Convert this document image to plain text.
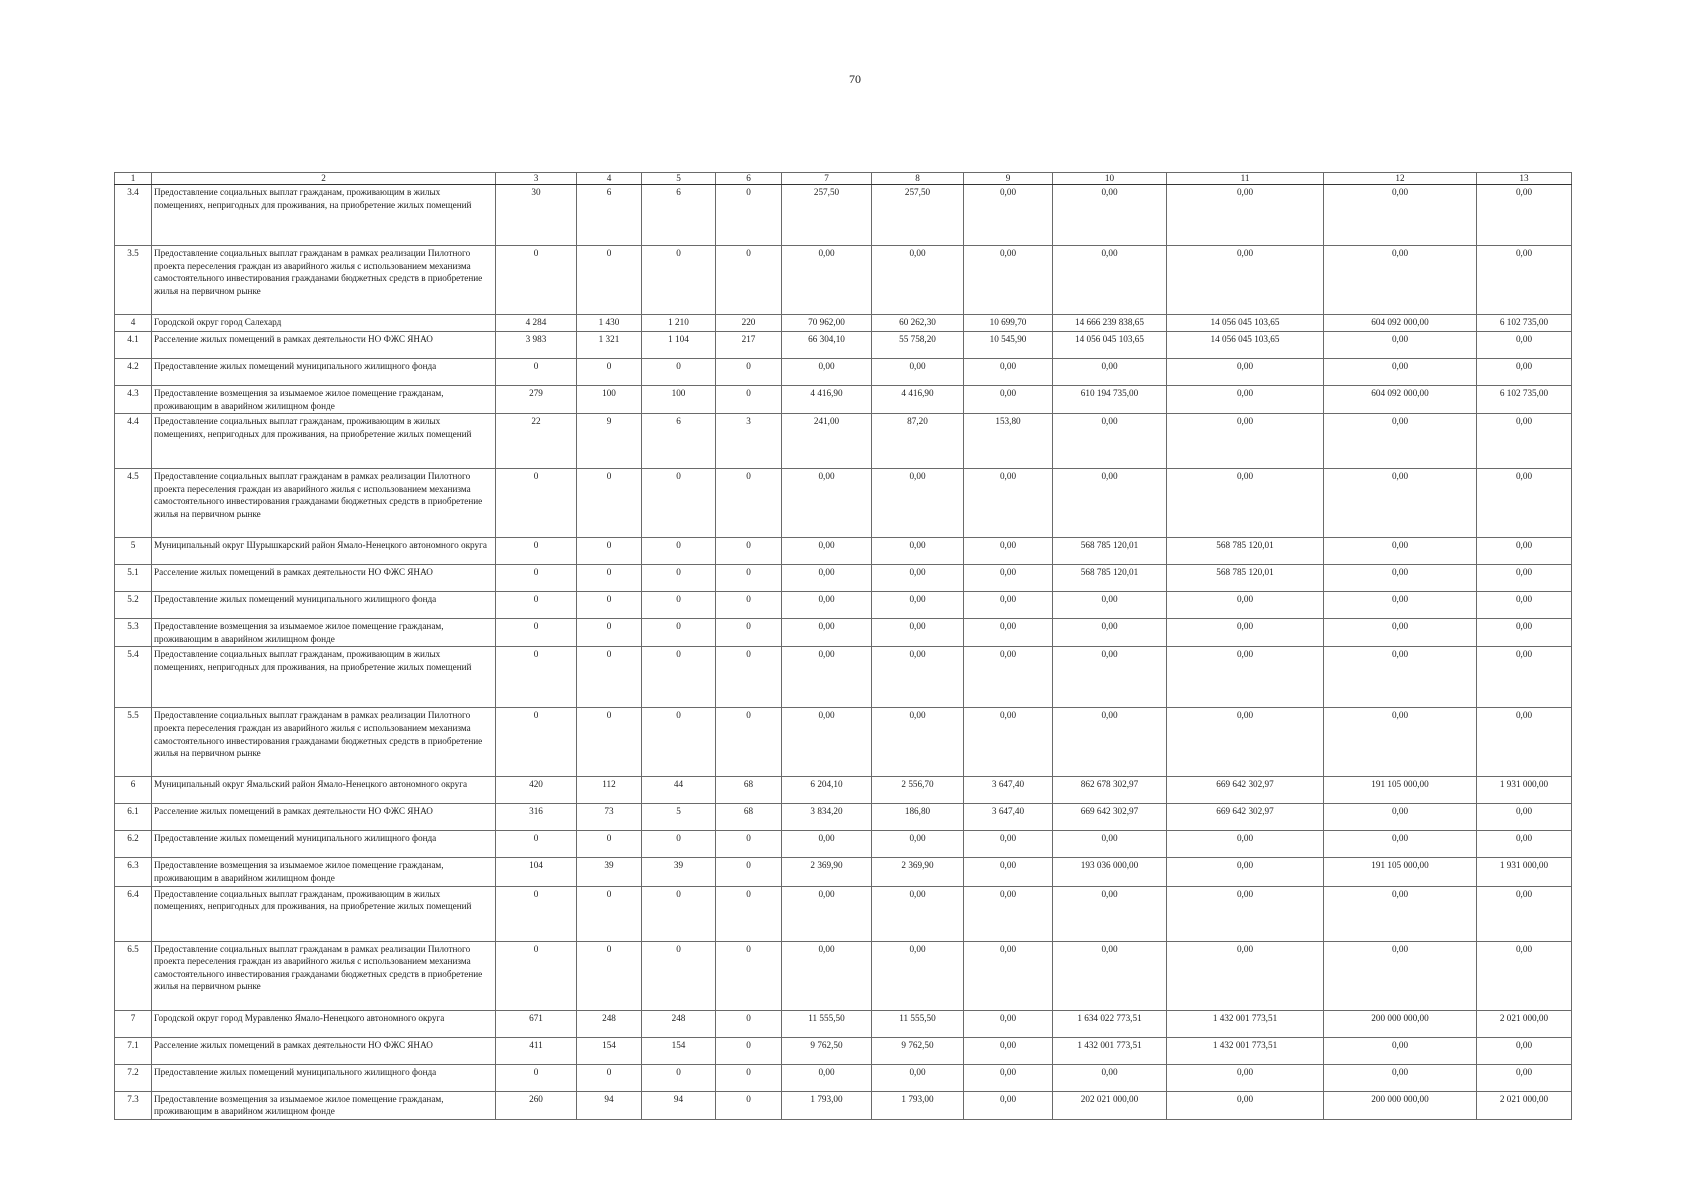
70
1	2	3	4	5	6	7	8	9	10	11	12	13
3.4	Предоставление социальных выплат гражданам, проживающим в жилых помещениях, непригодных для проживания, на приобретение жилых помещений	30	6	6	0	257,50	257,50	0,00	0,00	0,00	0,00	0,00
3.5	Предоставление социальных выплат гражданам в рамках реализации Пилотного проекта переселения граждан из аварийного жилья с использованием механизма самостоятельного инвестирования гражданами бюджетных средств в приобретение жилья на первичном рынке	0	0	0	0	0,00	0,00	0,00	0,00	0,00	0,00	0,00
4	Городской округ город Салехард	4 284	1 430	1 210	220	70 962,00	60 262,30	10 699,70	14 666 239 838,65	14 056 045 103,65	604 092 000,00	6 102 735,00
4.1	Расселение жилых помещений в рамках деятельности НО ФЖС ЯНАО	3 983	1 321	1 104	217	66 304,10	55 758,20	10 545,90	14 056 045 103,65	14 056 045 103,65	0,00	0,00
4.2	Предоставление жилых помещений муниципального жилищного фонда	0	0	0	0	0,00	0,00	0,00	0,00	0,00	0,00	0,00
4.3	Предоставление возмещения за изымаемое жилое помещение гражданам, проживающим в аварийном жилищном фонде	279	100	100	0	4 416,90	4 416,90	0,00	610 194 735,00	0,00	604 092 000,00	6 102 735,00
4.4	Предоставление социальных выплат гражданам, проживающим в жилых помещениях, непригодных для проживания, на приобретение жилых помещений	22	9	6	3	241,00	87,20	153,80	0,00	0,00	0,00	0,00
4.5	Предоставление социальных выплат гражданам в рамках реализации Пилотного проекта переселения граждан из аварийного жилья с использованием механизма самостоятельного инвестирования гражданами бюджетных средств в приобретение жилья на первичном рынке	0	0	0	0	0,00	0,00	0,00	0,00	0,00	0,00	0,00
5	Муниципальный округ Шурышкарский район Ямало-Ненецкого автономного округа	0	0	0	0	0,00	0,00	0,00	568 785 120,01	568 785 120,01	0,00	0,00
5.1	Расселение жилых помещений в рамках деятельности НО ФЖС ЯНАО	0	0	0	0	0,00	0,00	0,00	568 785 120,01	568 785 120,01	0,00	0,00
5.2	Предоставление жилых помещений муниципального жилищного фонда	0	0	0	0	0,00	0,00	0,00	0,00	0,00	0,00	0,00
5.3	Предоставление возмещения за изымаемое жилое помещение гражданам, проживающим в аварийном жилищном фонде	0	0	0	0	0,00	0,00	0,00	0,00	0,00	0,00	0,00
5.4	Предоставление социальных выплат гражданам, проживающим в жилых помещениях, непригодных для проживания, на приобретение жилых помещений	0	0	0	0	0,00	0,00	0,00	0,00	0,00	0,00	0,00
5.5	Предоставление социальных выплат гражданам в рамках реализации Пилотного проекта переселения граждан из аварийного жилья с использованием механизма самостоятельного инвестирования гражданами бюджетных средств в приобретение жилья на первичном рынке	0	0	0	0	0,00	0,00	0,00	0,00	0,00	0,00	0,00
6	Муниципальный округ Ямальский район Ямало-Ненецкого автономного округа	420	112	44	68	6 204,10	2 556,70	3 647,40	862 678 302,97	669 642 302,97	191 105 000,00	1 931 000,00
6.1	Расселение жилых помещений в рамках деятельности НО ФЖС ЯНАО	316	73	5	68	3 834,20	186,80	3 647,40	669 642 302,97	669 642 302,97	0,00	0,00
6.2	Предоставление жилых помещений муниципального жилищного фонда	0	0	0	0	0,00	0,00	0,00	0,00	0,00	0,00	0,00
6.3	Предоставление возмещения за изымаемое жилое помещение гражданам, проживающим в аварийном жилищном фонде	104	39	39	0	2 369,90	2 369,90	0,00	193 036 000,00	0,00	191 105 000,00	1 931 000,00
6.4	Предоставление социальных выплат гражданам, проживающим в жилых помещениях, непригодных для проживания, на приобретение жилых помещений	0	0	0	0	0,00	0,00	0,00	0,00	0,00	0,00	0,00
6.5	Предоставление социальных выплат гражданам в рамках реализации Пилотного проекта переселения граждан из аварийного жилья с использованием механизма самостоятельного инвестирования гражданами бюджетных средств в приобретение жилья на первичном рынке	0	0	0	0	0,00	0,00	0,00	0,00	0,00	0,00	0,00
7	Городской округ город Муравленко Ямало-Ненецкого автономного округа	671	248	248	0	11 555,50	11 555,50	0,00	1 634 022 773,51	1 432 001 773,51	200 000 000,00	2 021 000,00
7.1	Расселение жилых помещений в рамках деятельности НО ФЖС ЯНАО	411	154	154	0	9 762,50	9 762,50	0,00	1 432 001 773,51	1 432 001 773,51	0,00	0,00
7.2	Предоставление жилых помещений муниципального жилищного фонда	0	0	0	0	0,00	0,00	0,00	0,00	0,00	0,00	0,00
7.3	Предоставление возмещения за изымаемое жилое помещение гражданам, проживающим в аварийном жилищном фонде	260	94	94	0	1 793,00	1 793,00	0,00	202 021 000,00	0,00	200 000 000,00	2 021 000,00
